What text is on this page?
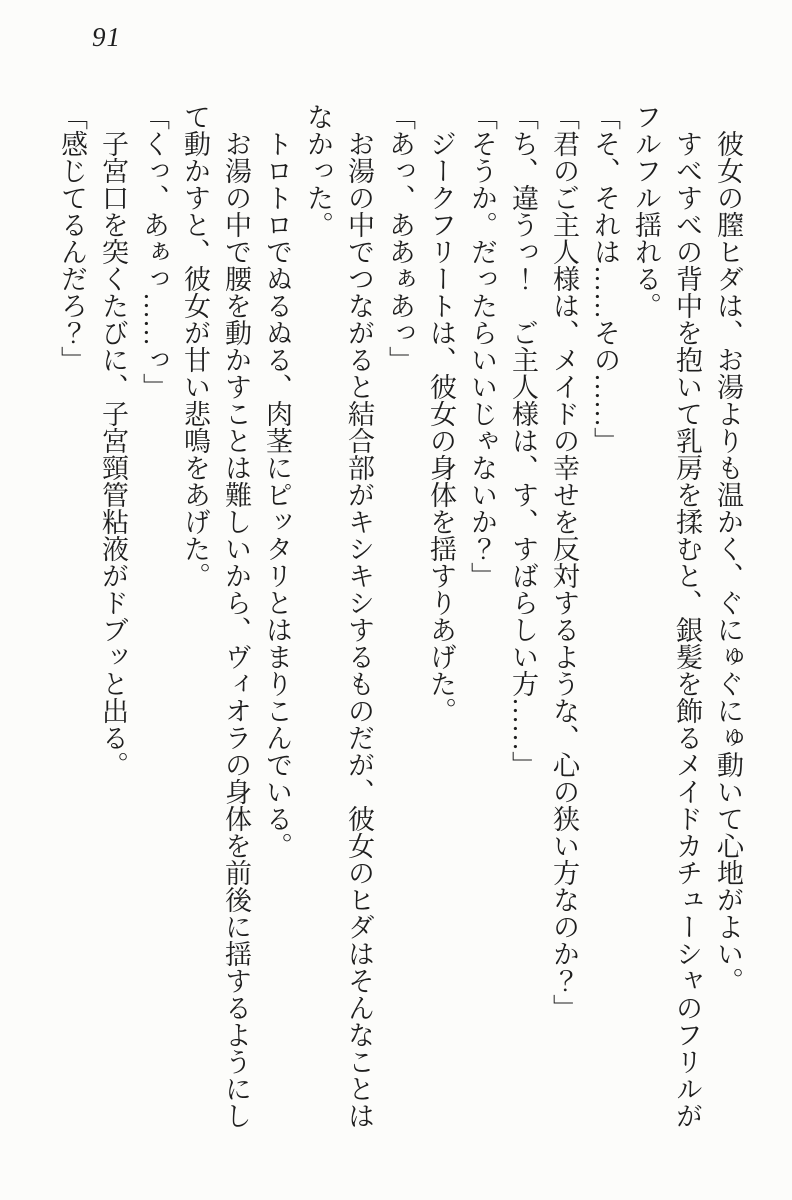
91
　彼女の膣ヒダは、お湯よりも温かく、ぐにゅぐにゅ動いて心地がよい。
　すべすべの背中を抱いて乳房を揉むと、銀髪を飾るメイドカチューシャのフリルが
フルフル揺れる。
「そ、それは……その……」
「君のご主人様は、メイドの幸せを反対するような、心の狭い方なのか？」
「ち、違うっ！　ご主人様は、す、すばらしい方……」
「そうか。だったらいいじゃないか？」
　ジークフリートは、彼女の身体を揺すりあげた。
「あっ、ああぁあっ」
　お湯の中でつながると結合部がキシキシするものだが、彼女のヒダはそんなことは
なかった。
　トロトロでぬるぬる、肉茎にピッタリとはまりこんでいる。
　お湯の中で腰を動かすことは難しいから、ヴィオラの身体を前後に揺するようにし
て動かすと、彼女が甘い悲鳴をあげた。
「くっ、あぁっ……っ」
　子宮口を突くたびに、子宮頸管粘液がドブッと出る。
「感じてるんだろ？」
